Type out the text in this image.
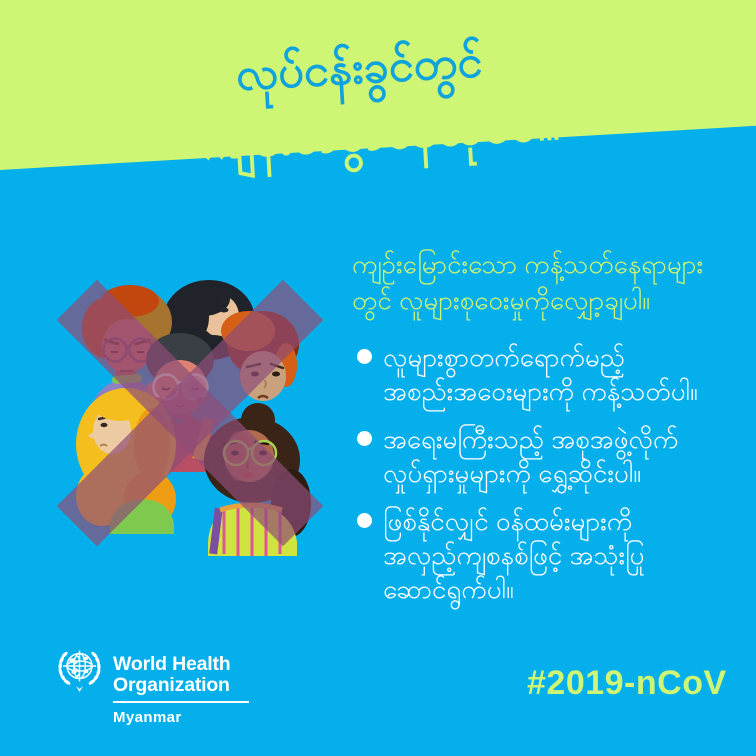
လုပ်ငန်းခွင်တွင်
ကျန်းမာစွာနေထိုင်ပါ။

ကျဉ်းမြောင်းသော ကန့်သတ်နေရာများတွင် လူများစုဝေးမှုကိုလျှော့ချပါ။

လူများစွာတက်ရောက်မည့် အစည်းအဝေးများကို ကန့်သတ်ပါ။
အရေးမကြီးသည့် အစုအဖွဲ့လိုက် လှုပ်ရှားမှုများကို ရွှေ့ဆိုင်းပါ။
ဖြစ်နိုင်လျှင် ဝန်ထမ်းများကို အလှည့်ကျစနစ်ဖြင့် အသုံးပြုဆောင်ရွက်ပါ။
World Health
Organization
Myanmar
#2019-nCoV
